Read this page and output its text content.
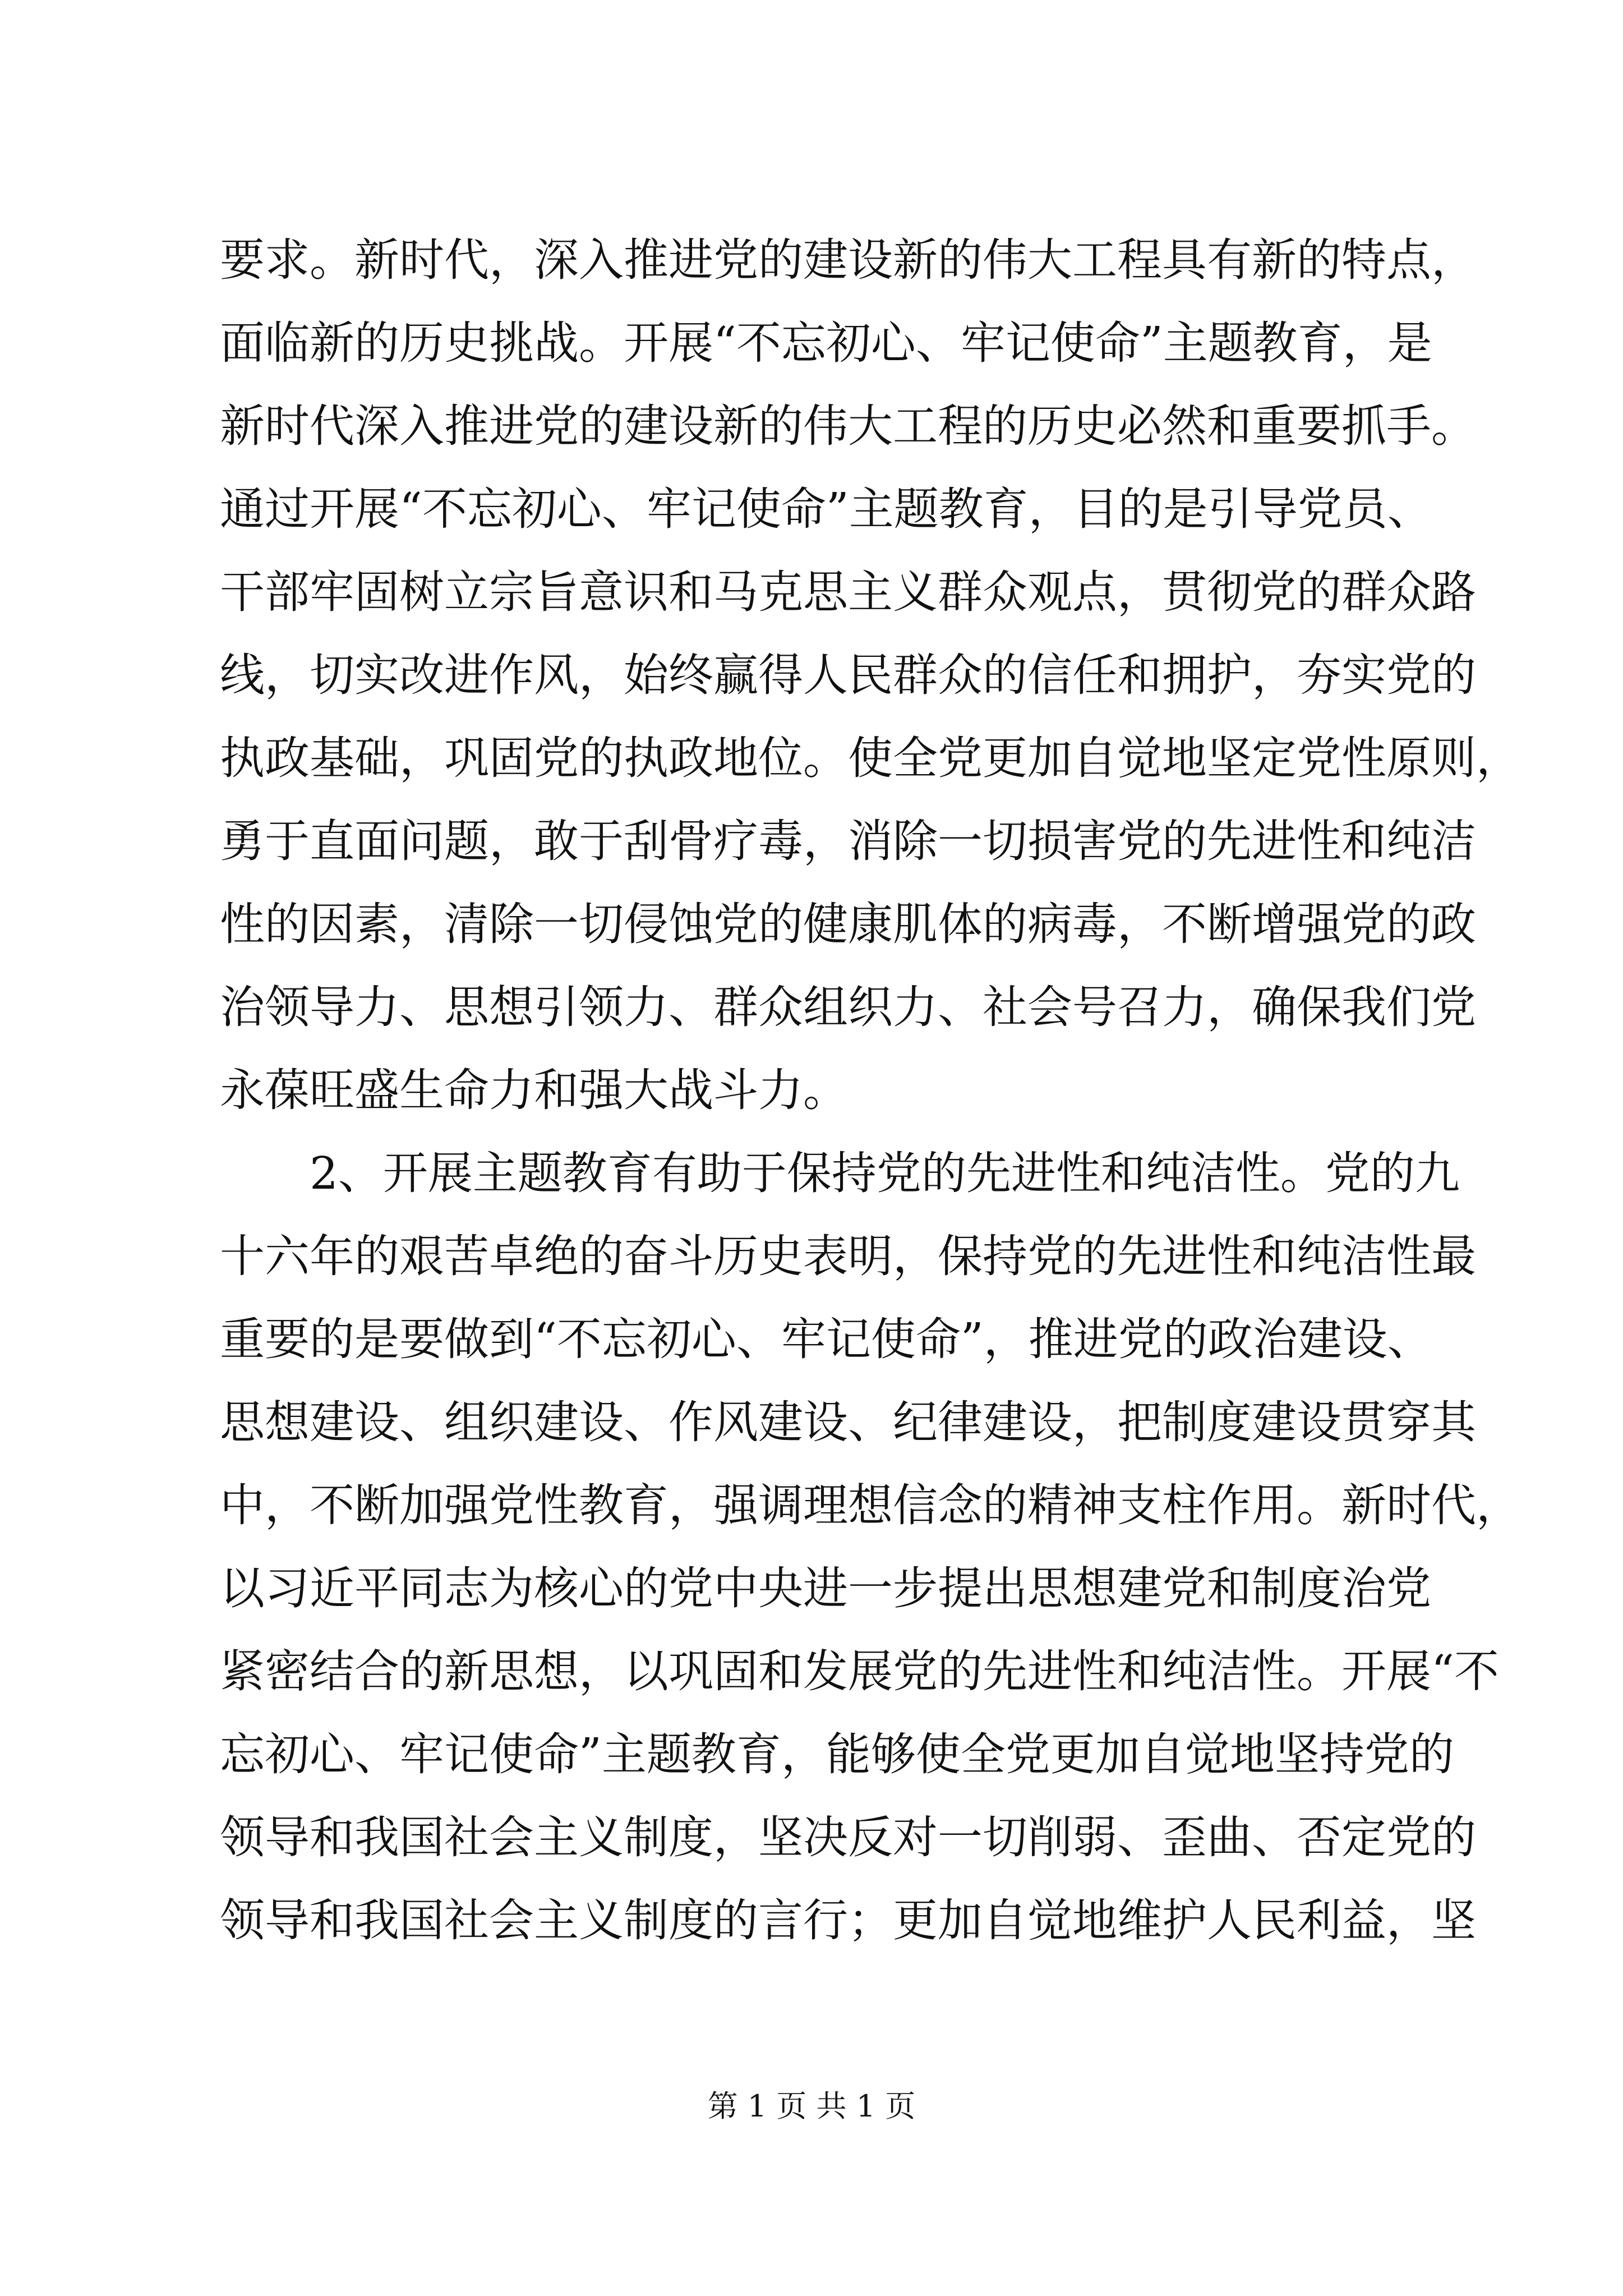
要求。新时代，深入推进党的建设新的伟大工程具有新的特点，
面临新的历史挑战。开展“不忘初心、牢记使命”主题教育，是
新时代深入推进党的建设新的伟大工程的历史必然和重要抓手。
通过开展“不忘初心、牢记使命”主题教育，目的是引导党员、
干部牢固树立宗旨意识和马克思主义群众观点，贯彻党的群众路
线，切实改进作风，始终赢得人民群众的信任和拥护，夯实党的
执政基础，巩固党的执政地位。使全党更加自觉地坚定党性原则，
勇于直面问题，敢于刮骨疗毒，消除一切损害党的先进性和纯洁
性的因素，清除一切侵蚀党的健康肌体的病毒，不断增强党的政
治领导力、思想引领力、群众组织力、社会号召力，确保我们党
永葆旺盛生命力和强大战斗力。
　　2、开展主题教育有助于保持党的先进性和纯洁性。党的九
十六年的艰苦卓绝的奋斗历史表明，保持党的先进性和纯洁性最
重要的是要做到“不忘初心、牢记使命”，推进党的政治建设、
思想建设、组织建设、作风建设、纪律建设，把制度建设贯穿其
中，不断加强党性教育，强调理想信念的精神支柱作用。新时代，
以习近平同志为核心的党中央进一步提出思想建党和制度治党
紧密结合的新思想，以巩固和发展党的先进性和纯洁性。开展“不
忘初心、牢记使命”主题教育，能够使全党更加自觉地坚持党的
领导和我国社会主义制度，坚决反对一切削弱、歪曲、否定党的
领导和我国社会主义制度的言行；更加自觉地维护人民利益，坚
第 1 页 共 1 页
